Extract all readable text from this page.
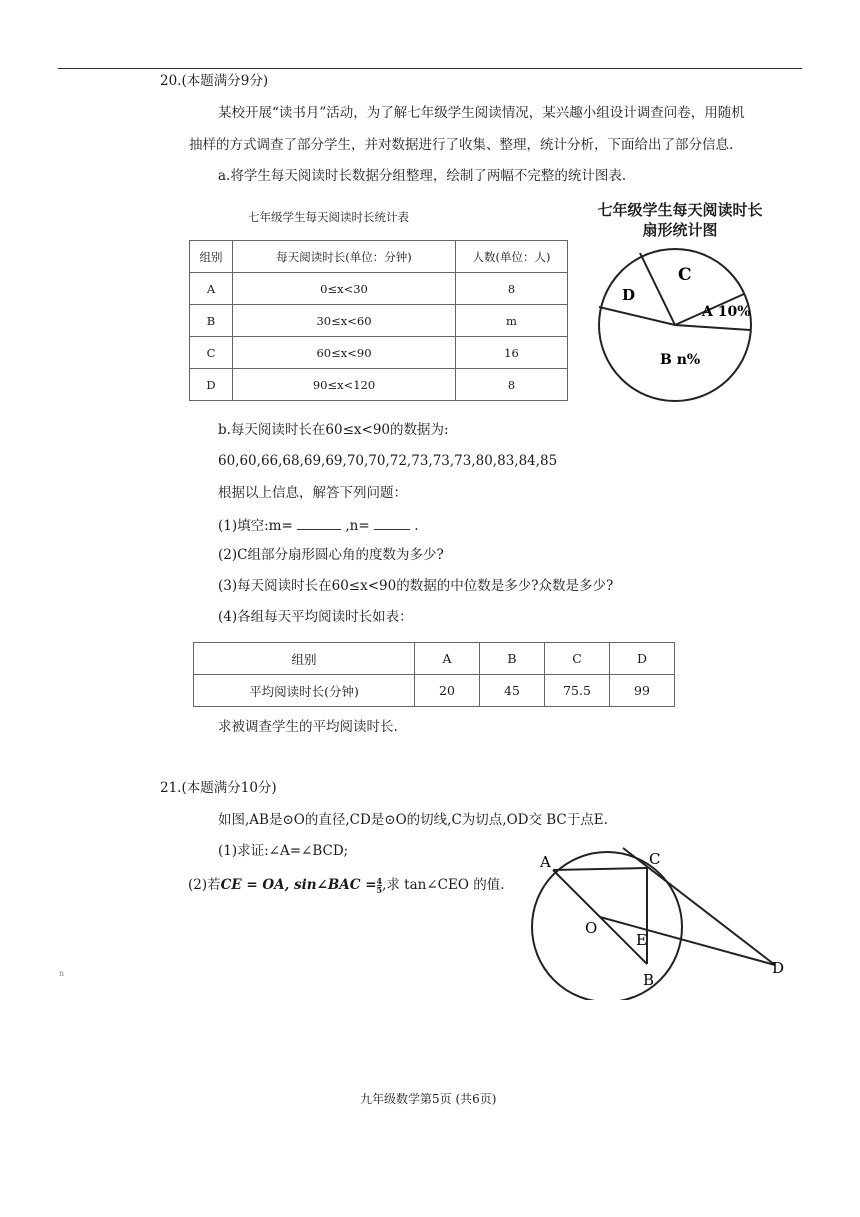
20.(本题满分9分)
某校开展“读书月”活动，为了解七年级学生阅读情况，某兴趣小组设计调查问卷，用随机
抽样的方式调查了部分学生，并对数据进行了收集、整理，统计分析，下面给出了部分信息.
a.将学生每天阅读时长数据分组整理，绘制了两幅不完整的统计图表.
七年级学生每天阅读时长统计表
组别	每天阅读时长(单位：分钟)	人数(单位：人)
A	0≤x<30	8
B	30≤x<60	m
C	60≤x<90	16
D	90≤x<120	8
七年级学生每天阅读时长
扇形统计图
C
D
A 10%
B n%
b.每天阅读时长在60≤x<90的数据为:
60,60,66,68,69,69,70,70,72,73,73,73,80,83,84,85
根据以上信息，解答下列问题：
(1)填空:m=	,n=	.
(2)C组部分扇形圆心角的度数为多少?
(3)每天阅读时长在60≤x<90的数据的中位数是多少?众数是多少?
(4)各组每天平均阅读时长如表：
组别	A	B	C	D
平均阅读时长(分钟)	20	45	75.5	99
求被调查学生的平均阅读时长.
21.(本题满分10分)
如图,AB是⊙O的直径,CD是⊙O的切线,C为切点,OD交 BC于点E.
(1)求证:∠A=∠BCD;
(2)若CE = OA, sin∠BAC = $\frac{4}{5}$ ,求 tan∠CEO 的值.
A	C
O
E
B
D
n
九年级数学第5页 (共6页)
